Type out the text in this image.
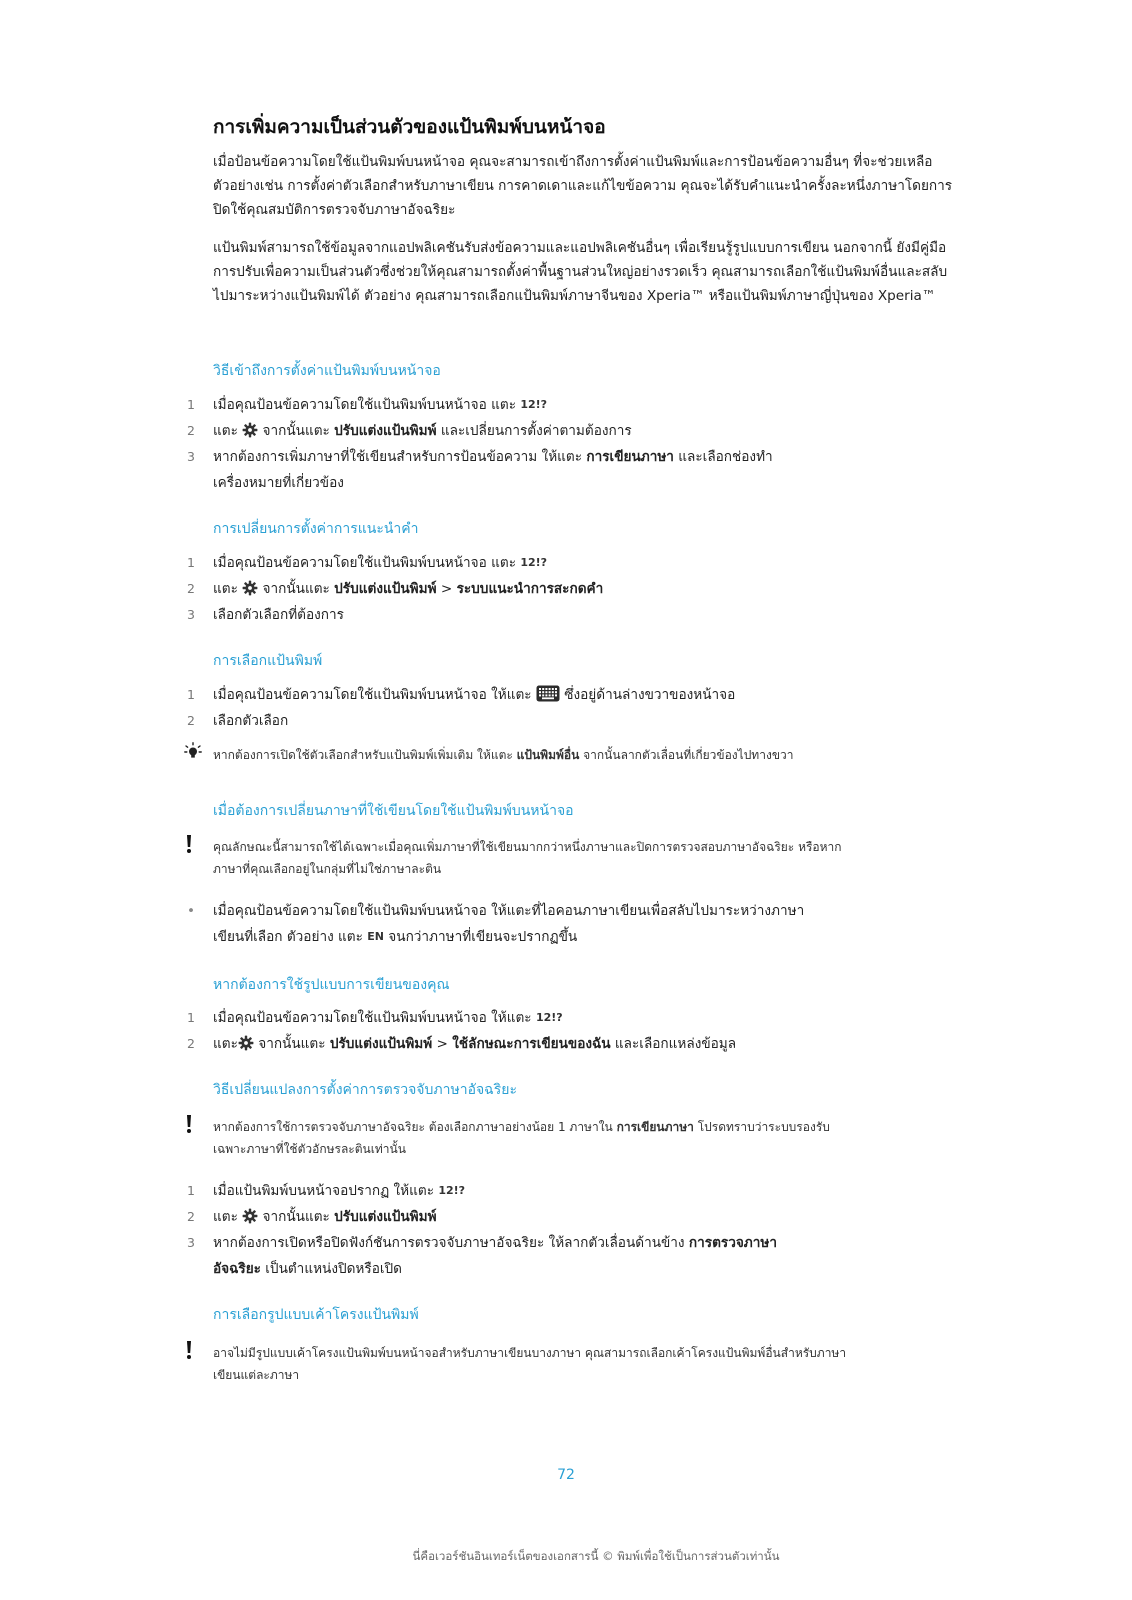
การเพิ่มความเป็นส่วนตัวของแป้นพิมพ์บนหน้าจอ

เมื่อป้อนข้อความโดยใช้แป้นพิมพ์บนหน้าจอ คุณจะสามารถเข้าถึงการตั้งค่าแป้นพิมพ์และการป้อนข้อความอื่นๆ ที่จะช่วยเหลือ ตัวอย่างเช่น การตั้งค่าตัวเลือกสำหรับภาษาเขียน การคาดเดาและแก้ไขข้อความ คุณจะได้รับคำแนะนำครั้งละหนึ่งภาษาโดยการปิดใช้คุณสมบัติการตรวจจับภาษาอัจฉริยะ

แป้นพิมพ์สามารถใช้ข้อมูลจากแอปพลิเคชันรับส่งข้อความและแอปพลิเคชันอื่นๆ เพื่อเรียนรู้รูปแบบการเขียน นอกจากนี้ ยังมีคู่มือการปรับเพื่อความเป็นส่วนตัวซึ่งช่วยให้คุณสามารถตั้งค่าพื้นฐานส่วนใหญ่อย่างรวดเร็ว คุณสามารถเลือกใช้แป้นพิมพ์อื่นและสลับไปมาระหว่างแป้นพิมพ์ได้ ตัวอย่าง คุณสามารถเลือกแป้นพิมพ์ภาษาจีนของ Xperia™ หรือแป้นพิมพ์ภาษาญี่ปุ่นของ Xperia™

วิธีเข้าถึงการตั้งค่าแป้นพิมพ์บนหน้าจอ
1	เมื่อคุณป้อนข้อความโดยใช้แป้นพิมพ์บนหน้าจอ แตะ 12!?
2	แตะ  จากนั้นแตะ ปรับแต่งแป้นพิมพ์ และเปลี่ยนการตั้งค่าตามต้องการ
3	หากต้องการเพิ่มภาษาที่ใช้เขียนสำหรับการป้อนข้อความ ให้แตะ การเขียนภาษา และเลือกช่องทำ
เครื่องหมายที่เกี่ยวข้อง
การเปลี่ยนการตั้งค่าการแนะนำคำ
1	เมื่อคุณป้อนข้อความโดยใช้แป้นพิมพ์บนหน้าจอ แตะ 12!?
2	แตะ  จากนั้นแตะ ปรับแต่งแป้นพิมพ์ > ระบบแนะนำการสะกดคำ
3	เลือกตัวเลือกที่ต้องการ
การเลือกแป้นพิมพ์
1	เมื่อคุณป้อนข้อความโดยใช้แป้นพิมพ์บนหน้าจอ ให้แตะ  ซึ่งอยู่ด้านล่างขวาของหน้าจอ
2	เลือกตัวเลือก
หากต้องการเปิดใช้ตัวเลือกสำหรับแป้นพิมพ์เพิ่มเติม ให้แตะ แป้นพิมพ์อื่น จากนั้นลากตัวเลื่อนที่เกี่ยวข้องไปทางขวา
เมื่อต้องการเปลี่ยนภาษาที่ใช้เขียนโดยใช้แป้นพิมพ์บนหน้าจอ
คุณลักษณะนี้สามารถใช้ได้เฉพาะเมื่อคุณเพิ่มภาษาที่ใช้เขียนมากกว่าหนึ่งภาษาและปิดการตรวจสอบภาษาอัจฉริยะ หรือหาก
ภาษาที่คุณเลือกอยู่ในกลุ่มที่ไม่ใช่ภาษาละติน
• เมื่อคุณป้อนข้อความโดยใช้แป้นพิมพ์บนหน้าจอ ให้แตะที่ไอคอนภาษาเขียนเพื่อสลับไปมาระหว่างภาษา
เขียนที่เลือก ตัวอย่าง แตะ EN จนกว่าภาษาที่เขียนจะปรากฏขึ้น
หากต้องการใช้รูปแบบการเขียนของคุณ
1	เมื่อคุณป้อนข้อความโดยใช้แป้นพิมพ์บนหน้าจอ ให้แตะ 12!?
2	แตะ จากนั้นแตะ ปรับแต่งแป้นพิมพ์ > ใช้ลักษณะการเขียนของฉัน และเลือกแหล่งข้อมูล
วิธีเปลี่ยนแปลงการตั้งค่าการตรวจจับภาษาอัจฉริยะ
หากต้องการใช้การตรวจจับภาษาอัจฉริยะ ต้องเลือกภาษาอย่างน้อย 1 ภาษาใน การเขียนภาษา โปรดทราบว่าระบบรองรับ
เฉพาะภาษาที่ใช้ตัวอักษรละตินเท่านั้น
1	เมื่อแป้นพิมพ์บนหน้าจอปรากฏ ให้แตะ 12!?
2	แตะ  จากนั้นแตะ ปรับแต่งแป้นพิมพ์
3	หากต้องการเปิดหรือปิดฟังก์ชันการตรวจจับภาษาอัจฉริยะ ให้ลากตัวเลื่อนด้านข้าง การตรวจภาษา
อัจฉริยะ เป็นตำแหน่งปิดหรือเปิด
การเลือกรูปแบบเค้าโครงแป้นพิมพ์
อาจไม่มีรูปแบบเค้าโครงแป้นพิมพ์บนหน้าจอสำหรับภาษาเขียนบางภาษา คุณสามารถเลือกเค้าโครงแป้นพิมพ์อื่นสำหรับภาษา
เขียนแต่ละภาษา
72
นี่คือเวอร์ชันอินเทอร์เน็ตของเอกสารนี้ © พิมพ์เพื่อใช้เป็นการส่วนตัวเท่านั้น
